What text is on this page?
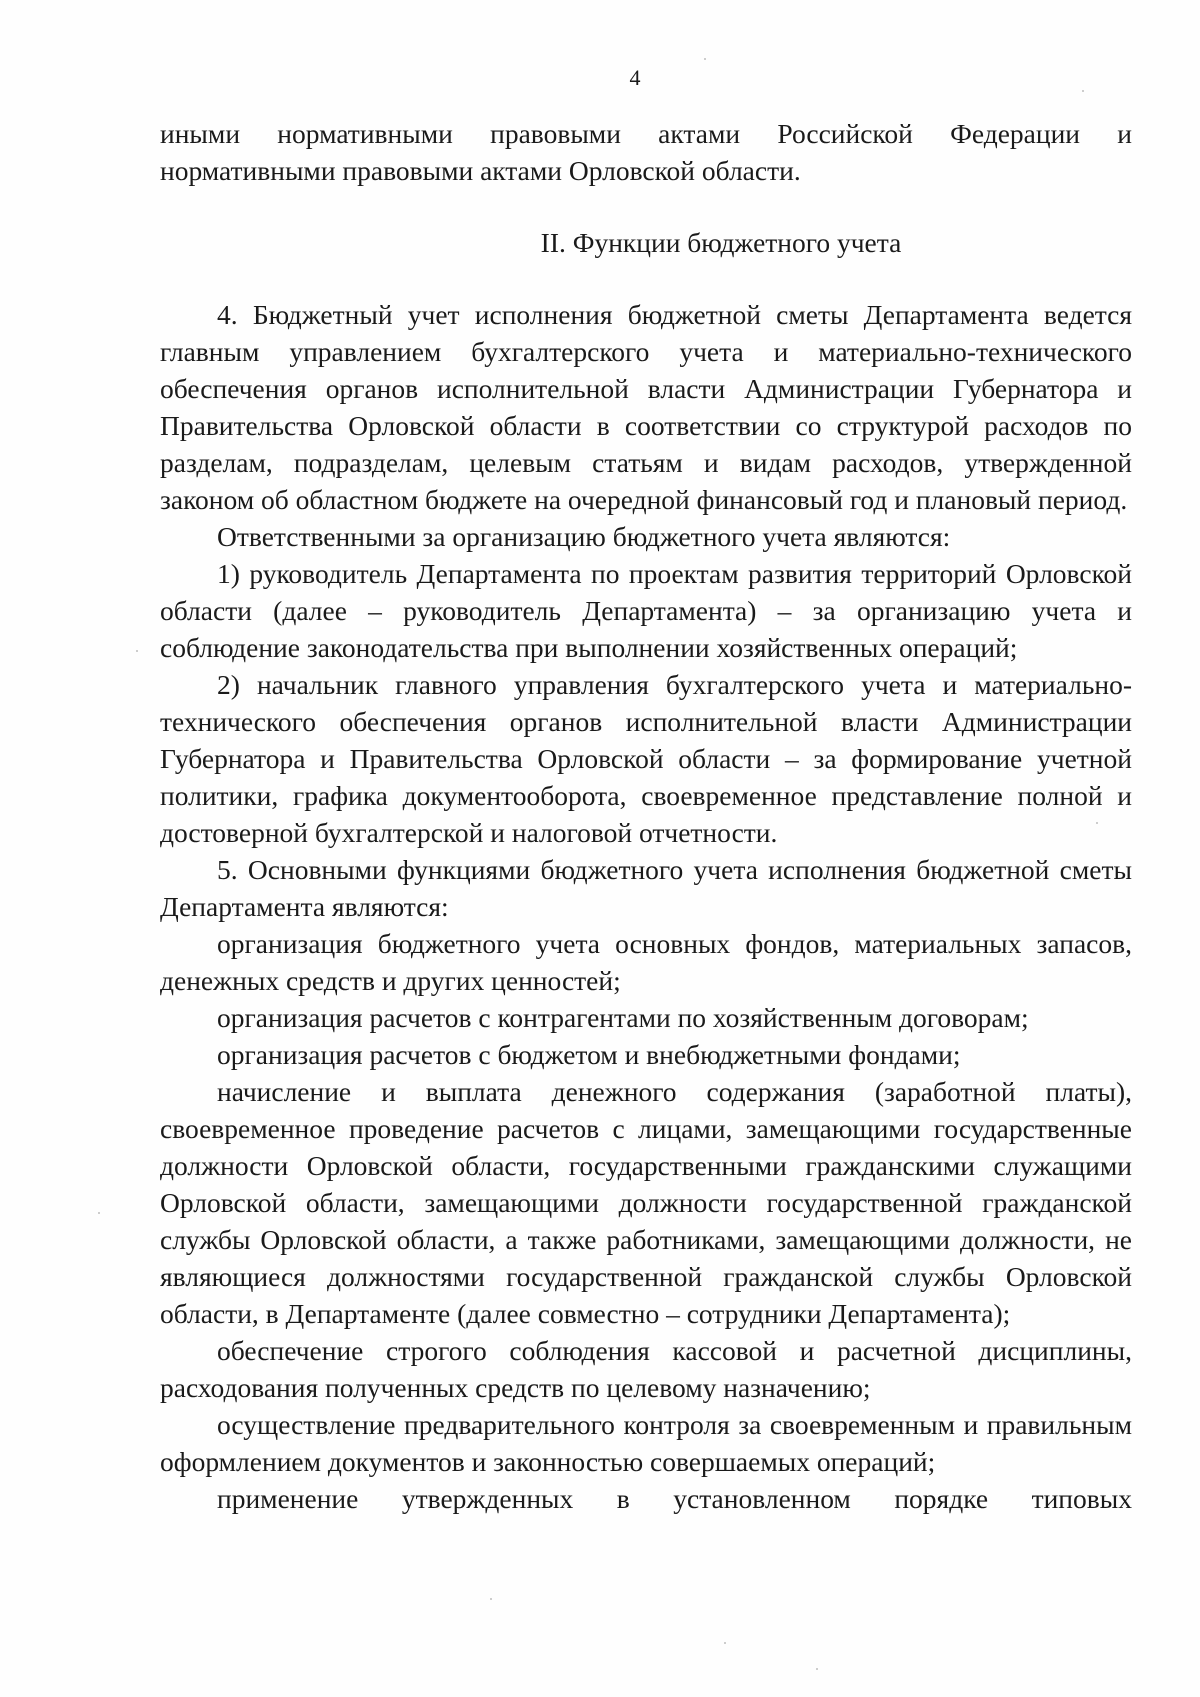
4

иными нормативными правовыми актами Российской Федерации и нормативными правовыми актами Орловской области.

II. Функции бюджетного учета

4. Бюджетный учет исполнения бюджетной сметы Департамента ведется главным управлением бухгалтерского учета и материально-технического обеспечения органов исполнительной власти Администрации Губернатора и Правительства Орловской области в соответствии со структурой расходов по разделам, подразделам, целевым статьям и видам расходов, утвержденной законом об областном бюджете на очередной финансовый год и плановый период.

Ответственными за организацию бюджетного учета являются:

1) руководитель Департамента по проектам развития территорий Орловской области (далее – руководитель Департамента) – за организацию учета и соблюдение законодательства при выполнении хозяйственных операций;

2) начальник главного управления бухгалтерского учета и материально-технического обеспечения органов исполнительной власти Администрации Губернатора и Правительства Орловской области – за формирование учетной политики, графика документооборота, своевременное представление полной и достоверной бухгалтерской и налоговой отчетности.

5. Основными функциями бюджетного учета исполнения бюджетной сметы Департамента являются:

организация бюджетного учета основных фондов, материальных запасов, денежных средств и других ценностей;

организация расчетов с контрагентами по хозяйственным договорам;

организация расчетов с бюджетом и внебюджетными фондами;

начисление и выплата денежного содержания (заработной платы), своевременное проведение расчетов с лицами, замещающими государственные должности Орловской области, государственными гражданскими служащими Орловской области, замещающими должности государственной гражданской службы Орловской области, а также работниками, замещающими должности, не являющиеся должностями государственной гражданской службы Орловской области, в Департаменте (далее совместно – сотрудники Департамента);

обеспечение строгого соблюдения кассовой и расчетной дисциплины, расходования полученных средств по целевому назначению;

осуществление предварительного контроля за своевременным и правильным оформлением документов и законностью совершаемых операций;

применение утвержденных в установленном порядке типовых
